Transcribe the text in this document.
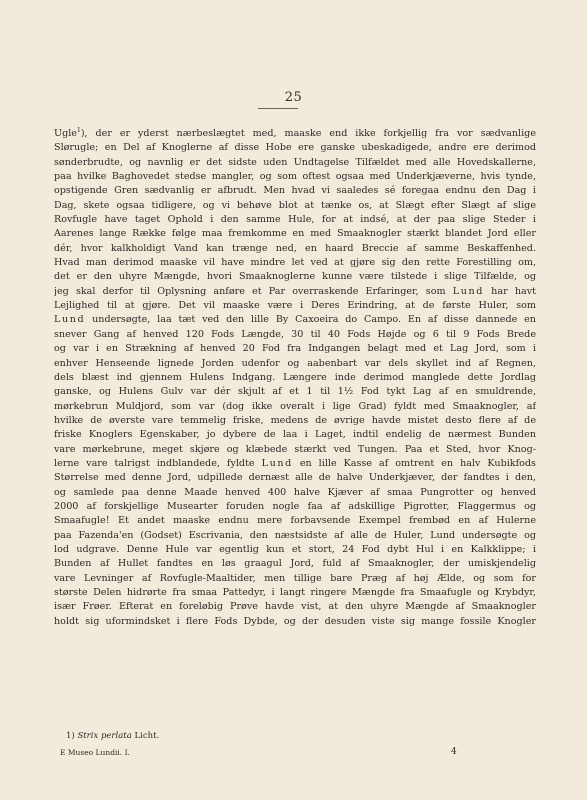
25
Ugle$^1$), der er yderst nærbeslægtet med, maaske end ikke forkjellig fra vor sædvanlige
Slørugle; en Del af Knoglerne af disse Hobe ere ganske ubeskadigede, andre ere derimod
sønderbrudte, og navnlig er det sidste uden Undtagelse Tilfældet med alle Hovedskallerne,
paa hvilke Baghovedet stedse mangler, og som oftest ogsaa med Underkjæverne, hvis tynde,
opstigende Gren sædvanlig er afbrudt. Men hvad vi saaledes sé foregaa endnu den Dag i
Dag, skete ogsaa tidligere, og vi behøve blot at tænke os, at Slægt efter Slægt af slige
Rovfugle have taget Ophold i den samme Hule, for at indsé, at der paa slige Steder i
Aarenes lange Række følge maa fremkomme en med Smaaknogler stærkt blandet Jord eller
dér, hvor kalkholdigt Vand kan trænge ned, en haard Breccie af samme Beskaffenhed.
Hvad man derimod maaske vil have mindre let ved at gjøre sig den rette Forestilling om,
det er den uhyre Mængde, hvori Smaaknoglerne kunne være tilstede i slige Tilfælde, og
jeg skal derfor til Oplysning anføre et Par overraskende Erfaringer, som Lund har havt
Lejlighed til at gjøre. Det vil maaske være i Deres Erindring, at de første Huler, som
Lund undersøgte, laa tæt ved den lille By Caxoeira do Campo. En af disse dannede en
snever Gang af henved 120 Fods Længde, 30 til 40 Fods Højde og 6 til 9 Fods Brede
og var i en Strækning af henved 20 Fod fra Indgangen belagt med et Lag Jord, som i
enhver Henseende lignede Jorden udenfor og aabenbart var dels skyllet ind af Regnen,
dels blæst ind gjennem Hulens Indgang. Længere inde derimod manglede dette Jordlag
ganske, og Hulens Gulv var dér skjult af et 1 til 1½ Fod tykt Lag af en smuldrende,
mørkebrun Muldjord, som var (dog ikke overalt i lige Grad) fyldt med Smaaknogler, af
hvilke de øverste vare temmelig friske, medens de øvrige havde mistet desto flere af de
friske Knoglers Egenskaber, jo dybere de laa i Laget, indtil endelig de nærmest Bunden
vare mørkebrune, meget skjøre og klæbede stærkt ved Tungen. Paa et Sted, hvor Knog-
lerne vare talrigst indblandede, fyldte Lund en lille Kasse af omtrent en halv Kubikfods
Størrelse med denne Jord, udpillede dernæst alle de halve Underkjæver, der fandtes i den,
og samlede paa denne Maade henved 400 halve Kjæver af smaa Pungrotter og henved
2000 af forskjellige Musearter foruden nogle faa af adskillige Pigrotter, Flaggermus og
Smaafugle! Et andet maaske endnu mere forbavsende Exempel frembød en af Hulerne
paa Fazenda'en (Godset) Escrivania, den næstsidste af alle de Huler, Lund undersøgte og
lod udgrave. Denne Hule var egentlig kun et stort, 24 Fod dybt Hul i en Kalkklippe; i
Bunden af Hullet fandtes en løs graagul Jord, fuld af Smaaknogler, der umiskjendelig
vare Levninger af Rovfugle-Maaltider, men tillige bare Præg af høj Ælde, og som for
største Delen hidrørte fra smaa Pattedyr, i langt ringere Mængde fra Smaafugle og Krybdyr,
især Frøer. Efterat en foreløbig Prøve havde vist, at den uhyre Mængde af Smaaknogler
holdt sig uformindsket i flere Fods Dybde, og der desuden viste sig mange fossile Knogler
1) Strix perlata Licht.
E Museo Lundii. I.	4
